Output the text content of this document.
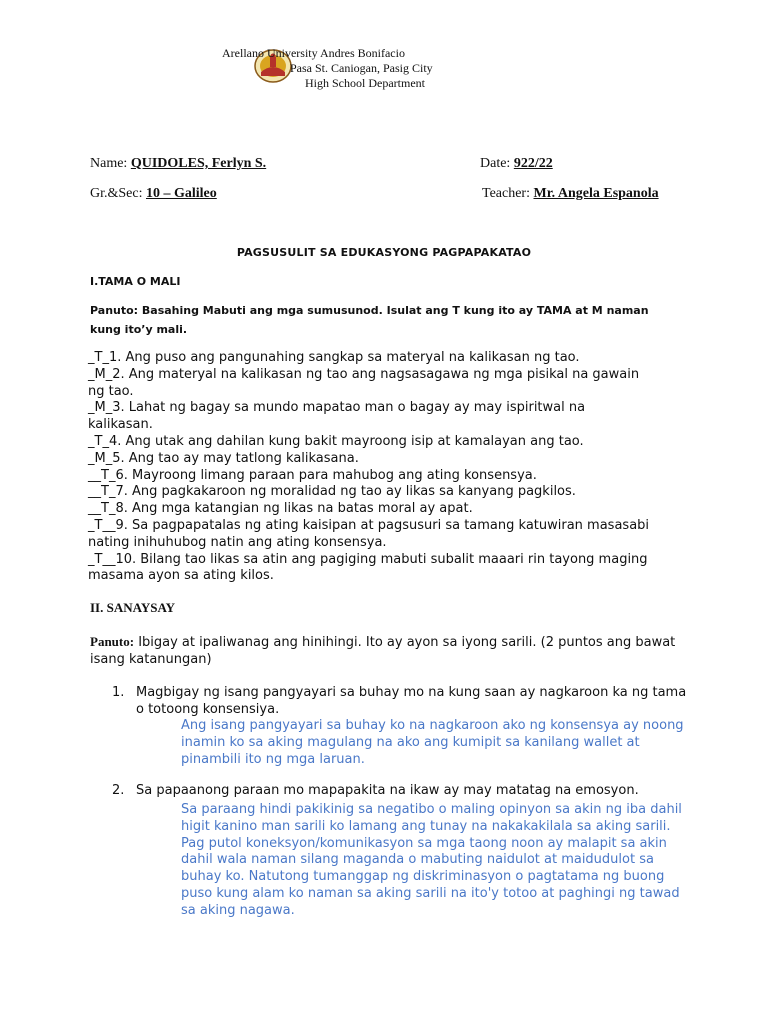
Arellano University Andres Bonifacio
Pasa St. Caniogan, Pasig City
High School Department
Name: QUIDOLES, Ferlyn S.	Date: 922/22
Gr.&Sec: 10 – Galileo	Teacher: Mr. Angela Espanola
PAGSUSULIT SA EDUKASYONG PAGPAPAKATAO
I.TAMA O MALI
Panuto: Basahing Mabuti ang mga sumusunod. Isulat ang T kung ito ay TAMA at M naman kung ito’y mali.
_T_1. Ang puso ang pangunahing sangkap sa materyal na kalikasan ng tao.
_M_2. Ang materyal na kalikasan ng tao ang nagsasagawa ng mga pisikal na gawain
ng tao.
_M_3. Lahat ng bagay sa mundo mapatao man o bagay ay may ispiritwal na
kalikasan.
_T_4. Ang utak ang dahilan kung bakit mayroong isip at kamalayan ang tao.
_M_5. Ang tao ay may tatlong kalikasana.
__T_6. Mayroong limang paraan para mahubog ang ating konsensya.
__T_7. Ang pagkakaroon ng moralidad ng tao ay likas sa kanyang pagkilos.
__T_8. Ang mga katangian ng likas na batas moral ay apat.
_T__9. Sa pagpapatalas ng ating kaisipan at pagsusuri sa tamang katuwiran masasabi
nating inihuhubog natin ang ating konsensya.
_T__10. Bilang tao likas sa atin ang pagiging mabuti subalit maaari rin tayong maging
masama ayon sa ating kilos.
II. SANAYSAY
Panuto: Ibigay at ipaliwanag ang hinihingi. Ito ay ayon sa iyong sarili. (2 puntos ang bawat isang katanungan)
1. Magbigay ng isang pangyayari sa buhay mo na kung saan ay nagkaroon ka ng tama o totoong konsensiya.
Ang isang pangyayari sa buhay ko na nagkaroon ako ng konsensya ay noong inamin ko sa aking magulang na ako ang kumipit sa kanilang wallet at pinambili ito ng mga laruan.
2. Sa papaanong paraan mo mapapakita na ikaw ay may matatag na emosyon.
Sa paraang hindi pakikinig sa negatibo o maling opinyon sa akin ng iba dahil higit kanino man sarili ko lamang ang tunay na nakakakilala sa aking sarili. Pag putol koneksyon/komunikasyon sa mga taong noon ay malapit sa akin dahil wala naman silang maganda o mabuting naidulot at maidudulot sa buhay ko. Natutong tumanggap ng diskriminasyon o pagtatama ng buong puso kung alam ko naman sa aking sarili na ito'y totoo at paghingi ng tawad sa aking nagawa.
